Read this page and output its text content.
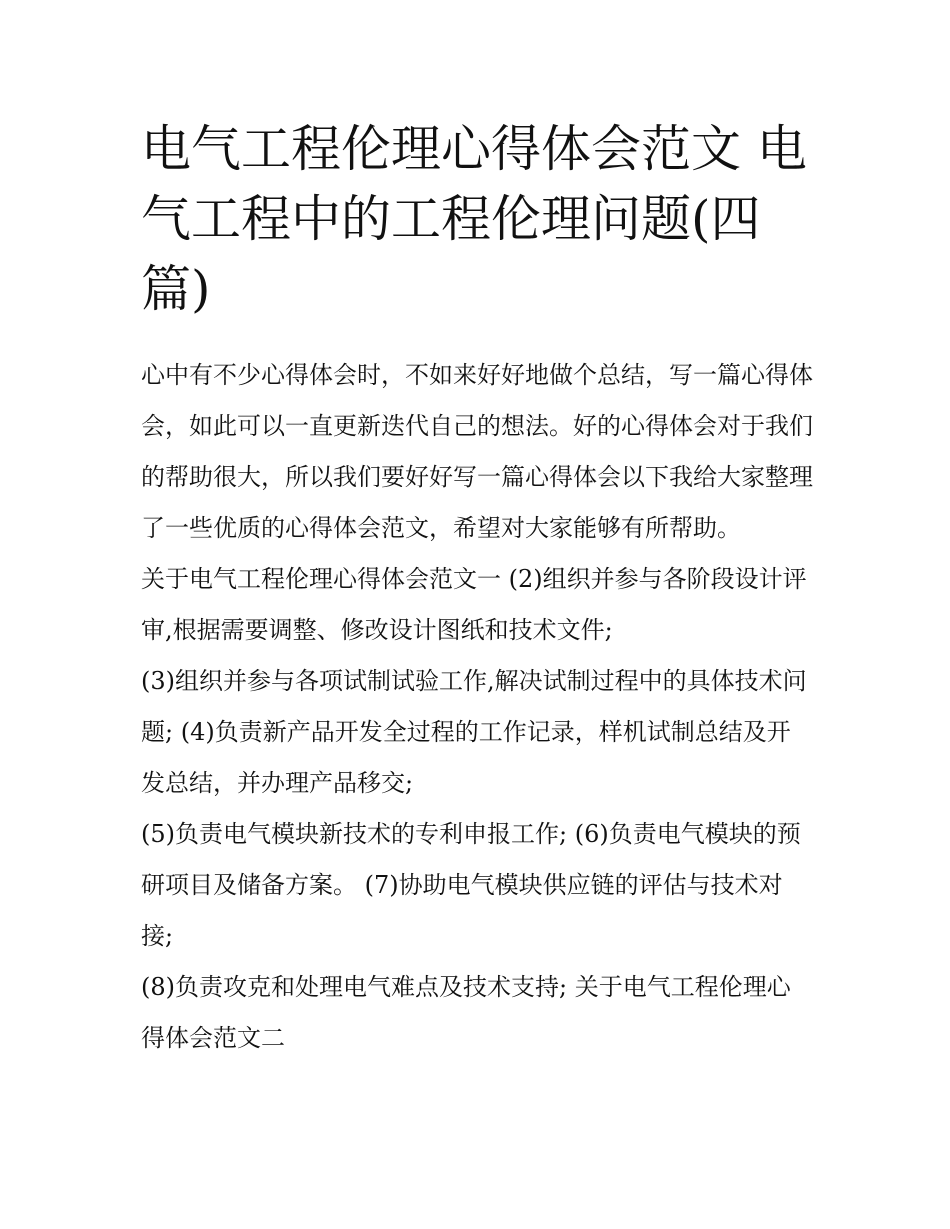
电气工程伦理心得体会范文 电气工程中的工程伦理问题(四篇)

心中有不少心得体会时，不如来好好地做个总结，写一篇心得体会，如此可以一直更新迭代自己的想法。好的心得体会对于我们的帮助很大，所以我们要好好写一篇心得体会以下我给大家整理了一些优质的心得体会范文，希望对大家能够有所帮助。

关于电气工程伦理心得体会范文一 (2)组织并参与各阶段设计评审,根据需要调整、修改设计图纸和技术文件;

(3)组织并参与各项试制试验工作,解决试制过程中的具体技术问题; (4)负责新产品开发全过程的工作记录，样机试制总结及开发总结，并办理产品移交;

(5)负责电气模块新技术的专利申报工作; (6)负责电气模块的预研项目及储备方案。 (7)协助电气模块供应链的评估与技术对接;

(8)负责攻克和处理电气难点及技术支持; 关于电气工程伦理心得体会范文二
